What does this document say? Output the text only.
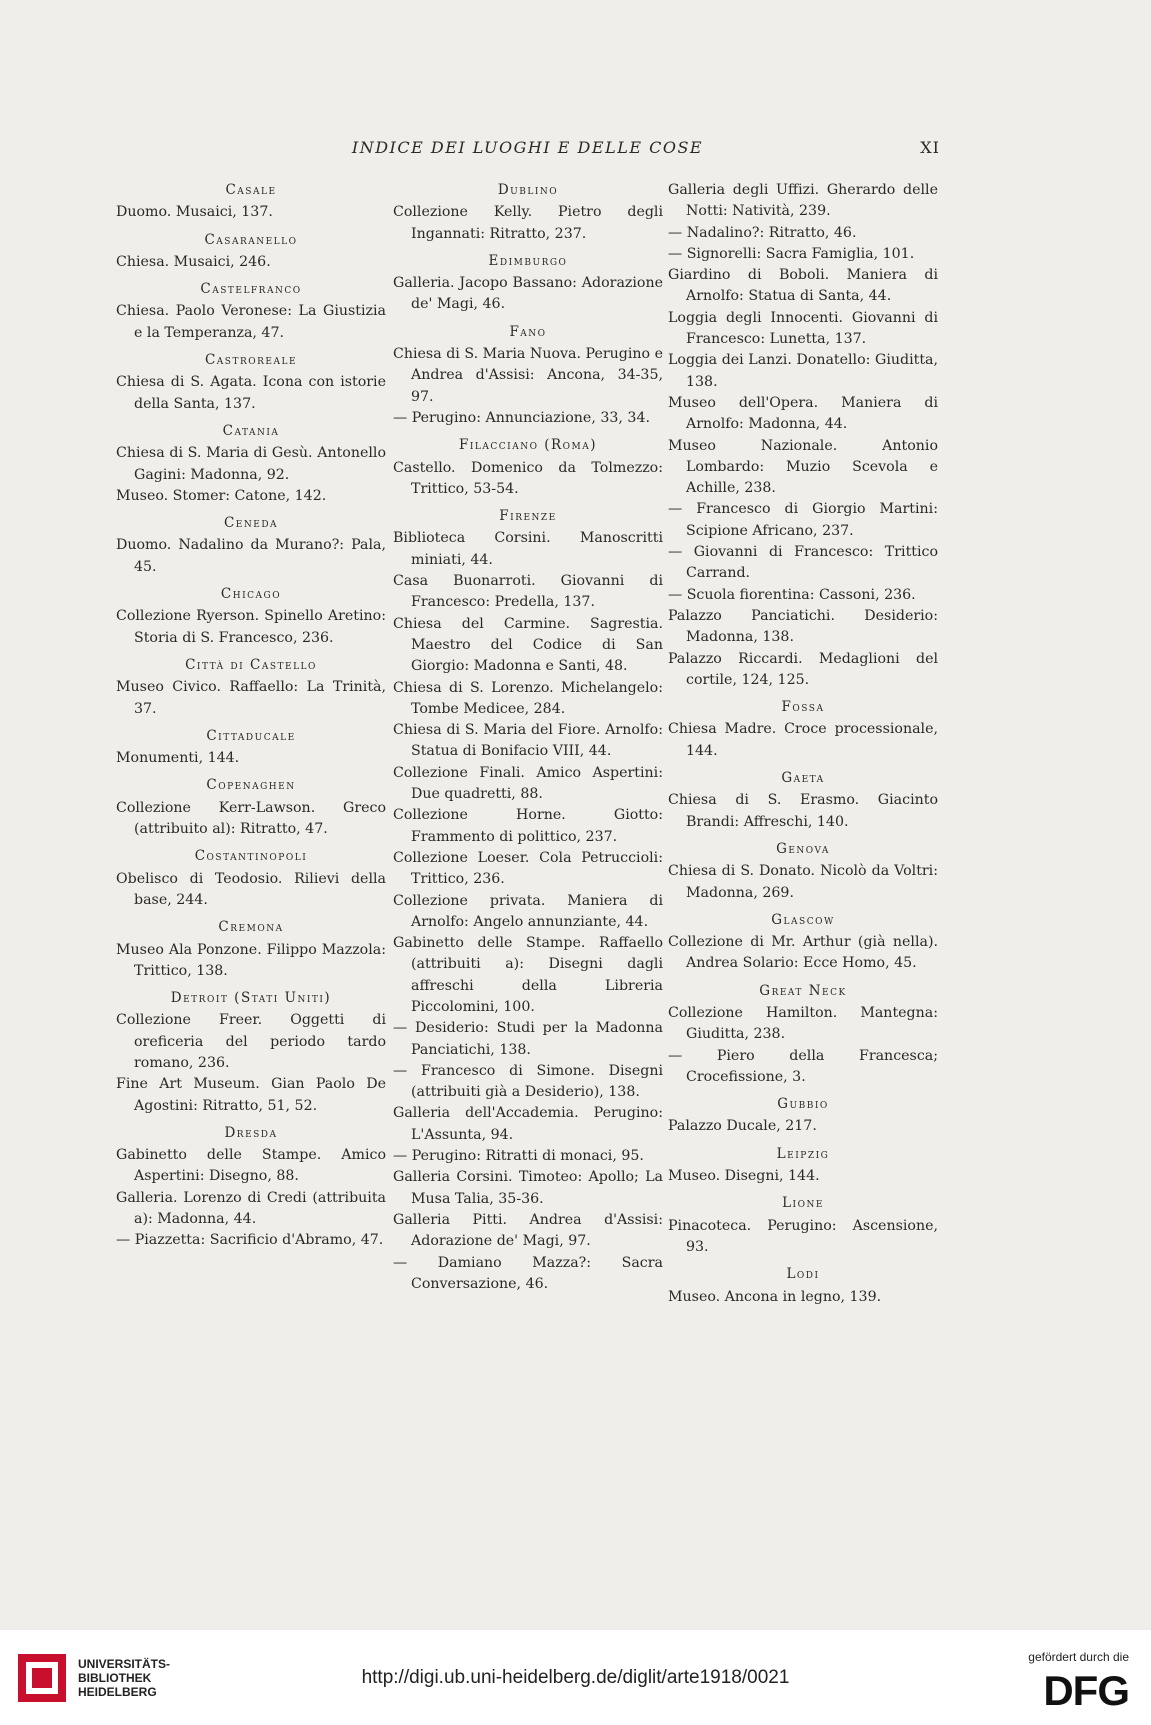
INDICE DEI LUOGHI E DELLE COSE	XI
Casale
Duomo. Musaici, 137.
Casaranello
Chiesa. Musaici, 246.
Castelfranco
Chiesa. Paolo Veronese: La Giustizia e la Temperanza, 47.
Castroreale
Chiesa di S. Agata. Icona con istorie della Santa, 137.
Catania
Chiesa di S. Maria di Gesù. Antonello Gagini: Madonna, 92.
Museo. Stomer: Catone, 142.
Ceneda
Duomo. Nadalino da Murano?: Pala, 45.
Chicago
Collezione Ryerson. Spinello Aretino: Storia di S. Francesco, 236.
Città di Castello
Museo Civico. Raffaello: La Trinità, 37.
Cittaducale
Monumenti, 144.
Copenaghen
Collezione Kerr-Lawson. Greco (attribuito al): Ritratto, 47.
Costantinopoli
Obelisco di Teodosio. Rilievi della base, 244.
Cremona
Museo Ala Ponzone. Filippo Mazzola: Trittico, 138.
Detroit (Stati Uniti)
Collezione Freer. Oggetti di oreficeria del periodo tardo romano, 236.
Fine Art Museum. Gian Paolo De Agostini: Ritratto, 51, 52.
Dresda
Gabinetto delle Stampe. Amico Aspertini: Disegno, 88.
Galleria. Lorenzo di Credi (attribuita a): Madonna, 44.
— Piazzetta: Sacrificio d'Abramo, 47.
Dublino
Collezione Kelly. Pietro degli Ingannati: Ritratto, 237.
Edimburgo
Galleria. Jacopo Bassano: Adorazione de' Magi, 46.
Fano
Chiesa di S. Maria Nuova. Perugino e Andrea d'Assisi: Ancona, 34-35, 97.
— Perugino: Annunciazione, 33, 34.
Filacciano (Roma)
Castello. Domenico da Tolmezzo: Trittico, 53-54.
Firenze
Biblioteca Corsini. Manoscritti miniati, 44.
Casa Buonarroti. Giovanni di Francesco: Predella, 137.
Chiesa del Carmine. Sagrestia. Maestro del Codice di San Giorgio: Madonna e Santi, 48.
Chiesa di S. Lorenzo. Michelangelo: Tombe Medicee, 284.
Chiesa di S. Maria del Fiore. Arnolfo: Statua di Bonifacio VIII, 44.
Collezione Finali. Amico Aspertini: Due quadretti, 88.
Collezione Horne. Giotto: Frammento di polittico, 237.
Collezione Loeser. Cola Petruccioli: Trittico, 236.
Collezione privata. Maniera di Arnolfo: Angelo annunziante, 44.
Gabinetto delle Stampe. Raffaello (attribuiti a): Disegni dagli affreschi della Libreria Piccolomini, 100.
— Desiderio: Studi per la Madonna Panciatichi, 138.
— Francesco di Simone. Disegni (attribuiti già a Desiderio), 138.
Galleria dell'Accademia. Perugino: L'Assunta, 94.
— Perugino: Ritratti di monaci, 95.
Galleria Corsini. Timoteo: Apollo; La Musa Talia, 35-36.
Galleria Pitti. Andrea d'Assisi: Adorazione de' Magi, 97.
— Damiano Mazza?: Sacra Conversazione, 46.
Galleria degli Uffizi. Gherardo delle Notti: Natività, 239.
— Nadalino?: Ritratto, 46.
— Signorelli: Sacra Famiglia, 101.
Giardino di Boboli. Maniera di Arnolfo: Statua di Santa, 44.
Loggia degli Innocenti. Giovanni di Francesco: Lunetta, 137.
Loggia dei Lanzi. Donatello: Giuditta, 138.
Museo dell'Opera. Maniera di Arnolfo: Madonna, 44.
Museo Nazionale. Antonio Lombardo: Muzio Scevola e Achille, 238.
— Francesco di Giorgio Martini: Scipione Africano, 237.
— Giovanni di Francesco: Trittico Carrand.
— Scuola fiorentina: Cassoni, 236.
Palazzo Panciatichi. Desiderio: Madonna, 138.
Palazzo Riccardi. Medaglioni del cortile, 124, 125.
Fossa
Chiesa Madre. Croce processionale, 144.
Gaeta
Chiesa di S. Erasmo. Giacinto Brandi: Affreschi, 140.
Genova
Chiesa di S. Donato. Nicolò da Voltri: Madonna, 269.
Glascow
Collezione di Mr. Arthur (già nella). Andrea Solario: Ecce Homo, 45.
Great Neck
Collezione Hamilton. Mantegna: Giuditta, 238.
— Piero della Francesca; Crocefissione, 3.
Gubbio
Palazzo Ducale, 217.
Leipzig
Museo. Disegni, 144.
Lione
Pinacoteca. Perugino: Ascensione, 93.
Lodi
Museo. Ancona in legno, 139.
UNIVERSITÄTS-
BIBLIOTHEK
HEIDELBERG
http://digi.ub.uni-heidelberg.de/diglit/arte1918/0021
gefördert durch die
DFG
